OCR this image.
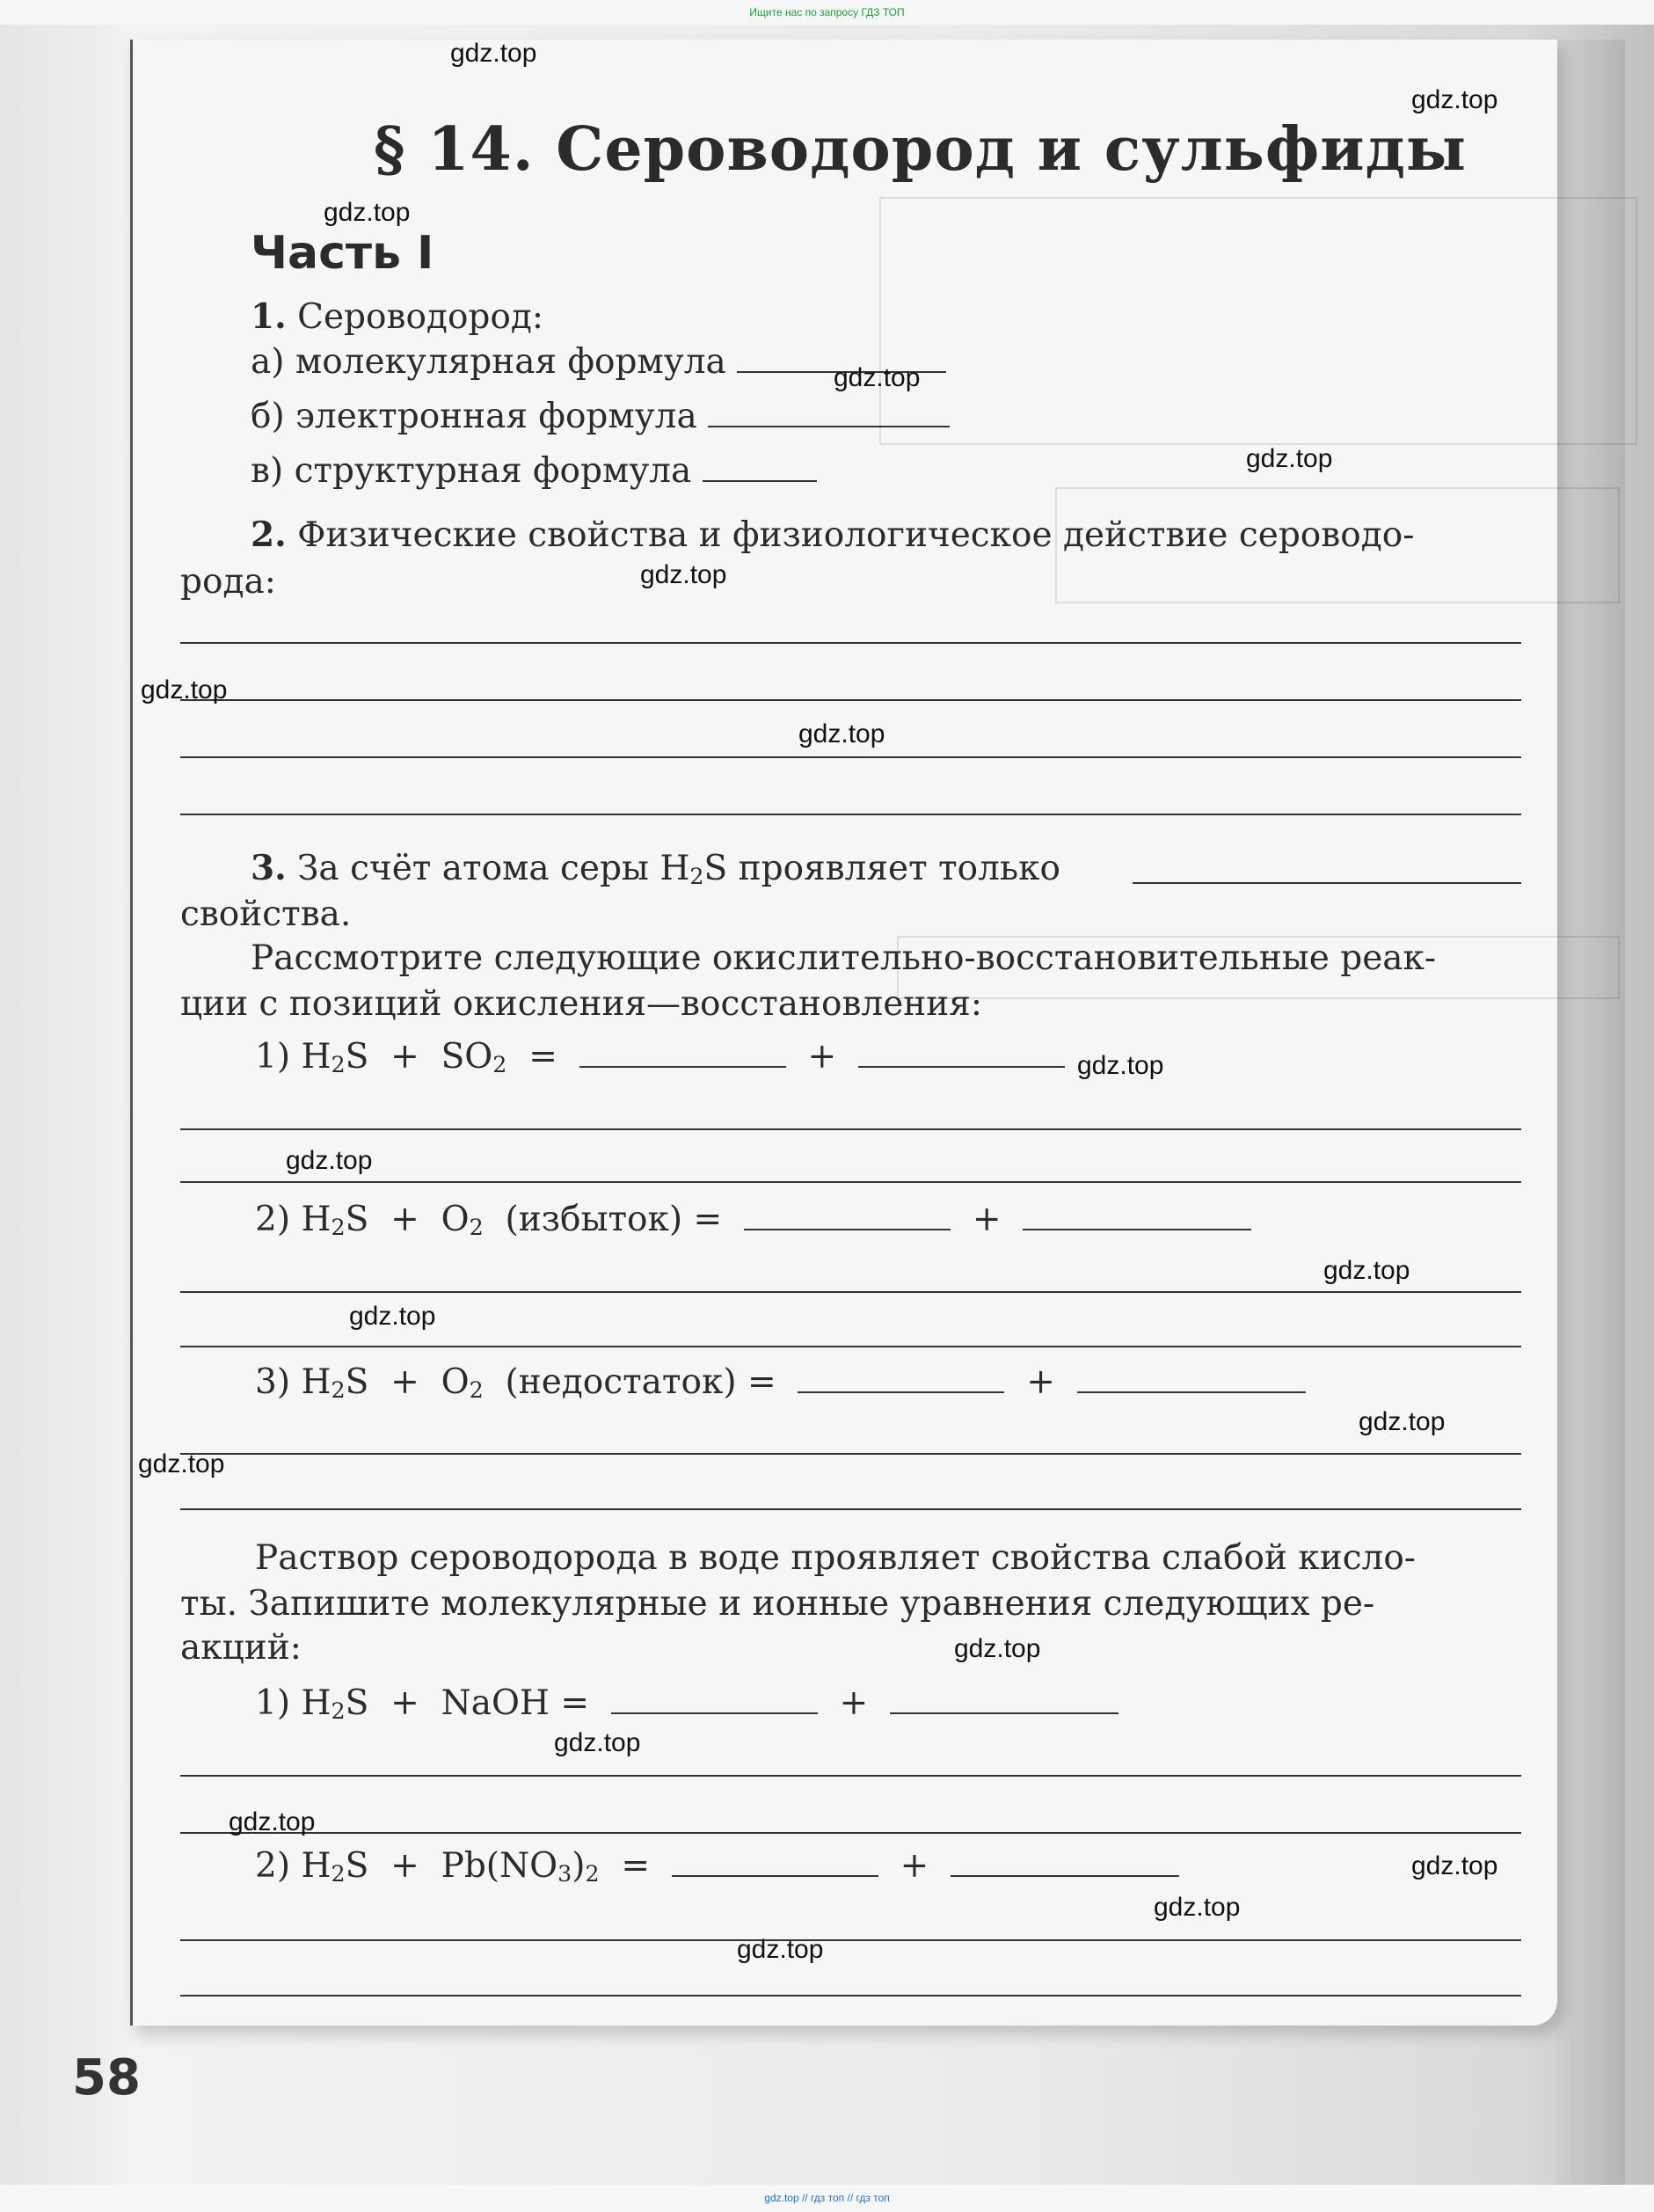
Ищите нас по запросу ГДЗ ТОП
§ 14. Сероводород и сульфиды
Часть I
1. Сероводород:
а) молекулярная формула
б) электронная формула
в) структурная формула
2. Физические свойства и физиологическое действие сероводо-
рода:
3. За счёт атома серы $H_2S$ проявляет только
свойства.
Рассмотрите следующие окислительно-восстановительные реак-
ции с позиций окисления—восстановления:
1) $H_2S + SO_2$ =	+
2) $H_2S + O_2$ (избыток) =	+
3) $H_2S + O_2$ (недостаток) =	+
Раствор сероводорода в воде проявляет свойства слабой кисло-
ты. Запишите молекулярные и ионные уравнения следующих ре-
акций:
1) $H_2S$ + NaOH =	+
2) $H_2S + Pb(NO_3)_2$ =	+
58
gdz.top
gdz.top
gdz.top
gdz.top
gdz.top
gdz.top
gdz.top
gdz.top
gdz.top
gdz.top
gdz.top
gdz.top
gdz.top
gdz.top
gdz.top
gdz.top
gdz.top
gdz.top
gdz.top
gdz.top
gdz.top // гдз топ // гдз топ
